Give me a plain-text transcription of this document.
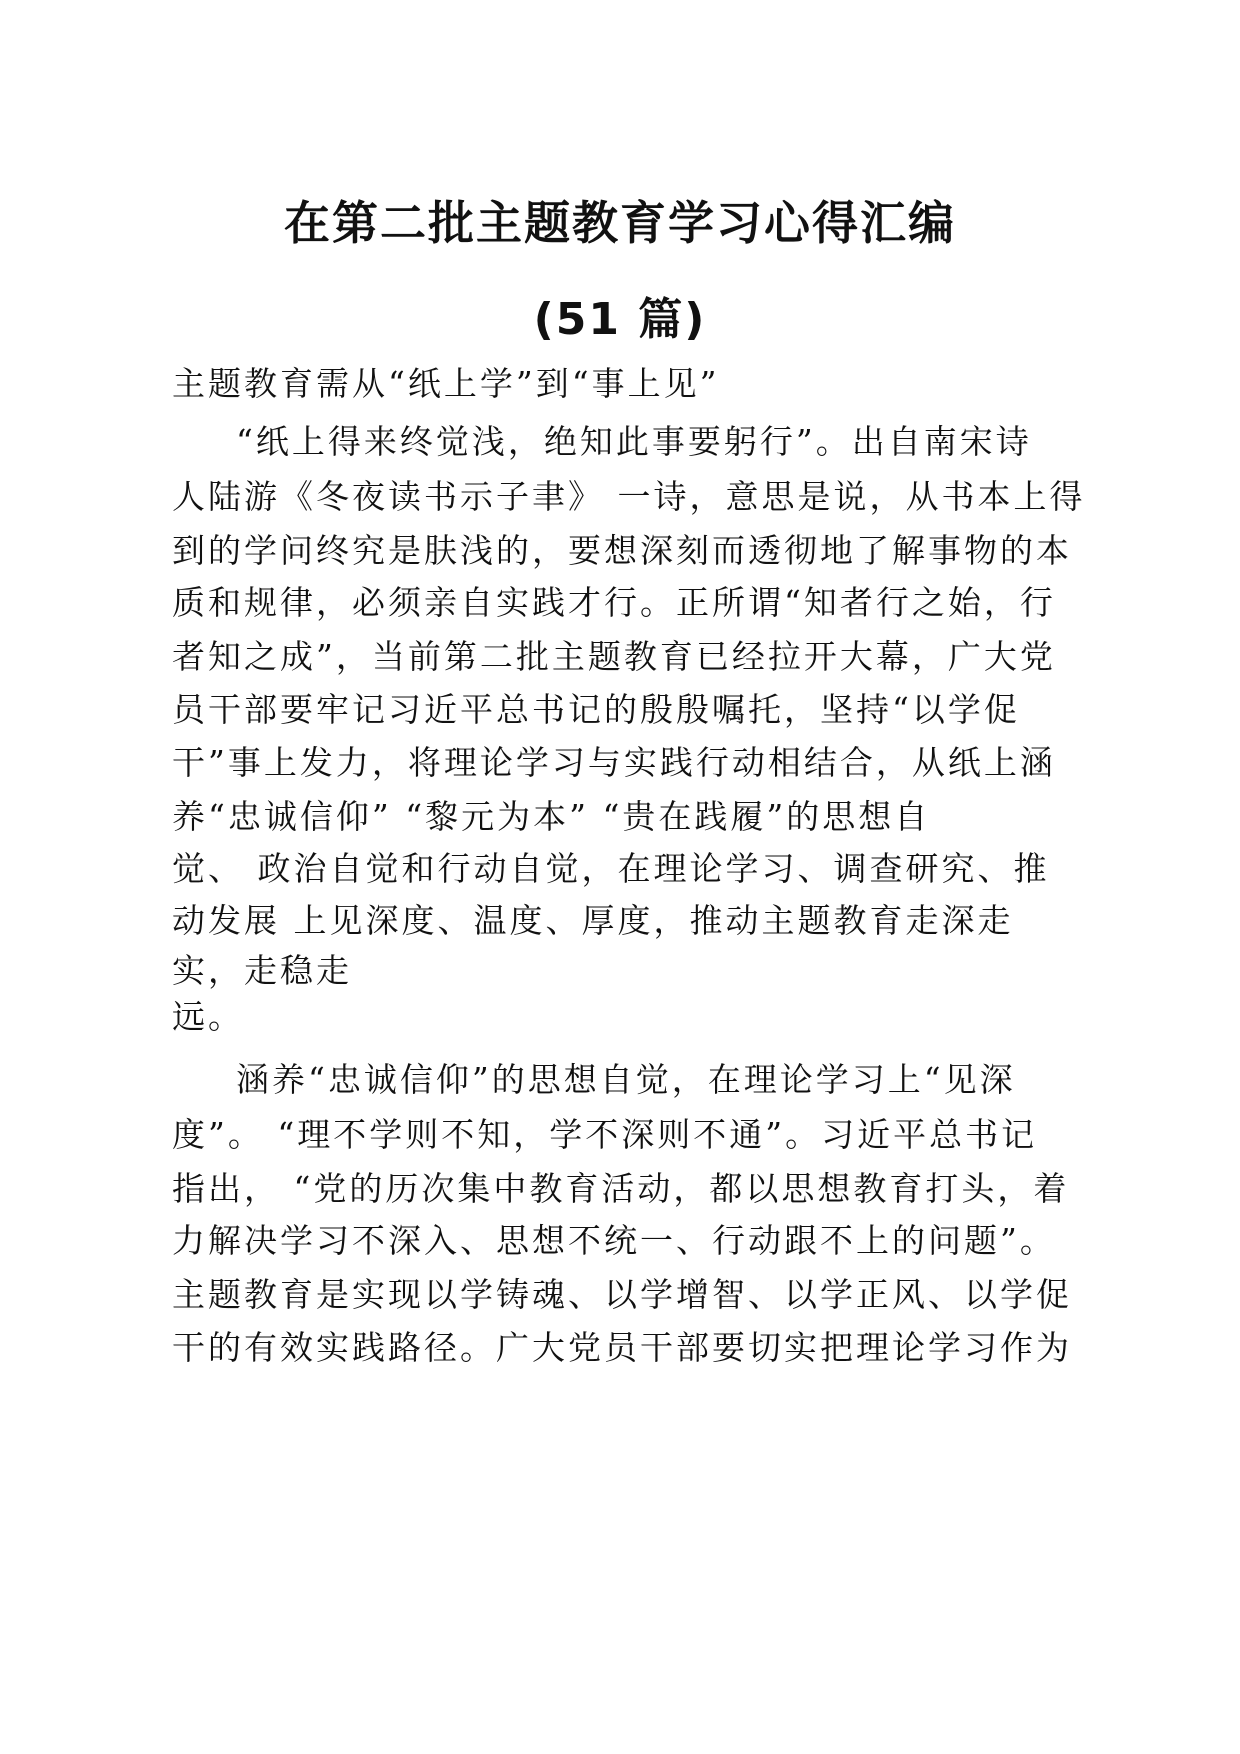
在第二批主题教育学习心得汇编
(51 篇)

主题教育需从“纸上学”到“事上见”

“纸上得来终觉浅，绝知此事要躬行”。出自南宋诗

人陆游《冬夜读书示子聿》 一诗，意思是说，从书本上得

到的学问终究是肤浅的，要想深刻而透彻地了解事物的本

质和规律，必须亲自实践才行。正所谓“知者行之始，行

者知之成”，当前第二批主题教育已经拉开大幕，广大党

员干部要牢记习近平总书记的殷殷嘱托，坚持“以学促

干”事上发力，将理论学习与实践行动相结合，从纸上涵

养“忠诚信仰” “黎元为本” “贵在践履”的思想自

觉、 政治自觉和行动自觉，在理论学习、调查研究、推

动发展 上见深度、温度、厚度，推动主题教育走深走

实，走稳走

远。

涵养“忠诚信仰”的思想自觉，在理论学习上“见深

度”。 “理不学则不知，学不深则不通”。习近平总书记

指出， “党的历次集中教育活动，都以思想教育打头，着

力解决学习不深入、思想不统一、行动跟不上的问题”。

主题教育是实现以学铸魂、以学增智、以学正风、以学促

干的有效实践路径。广大党员干部要切实把理论学习作为
